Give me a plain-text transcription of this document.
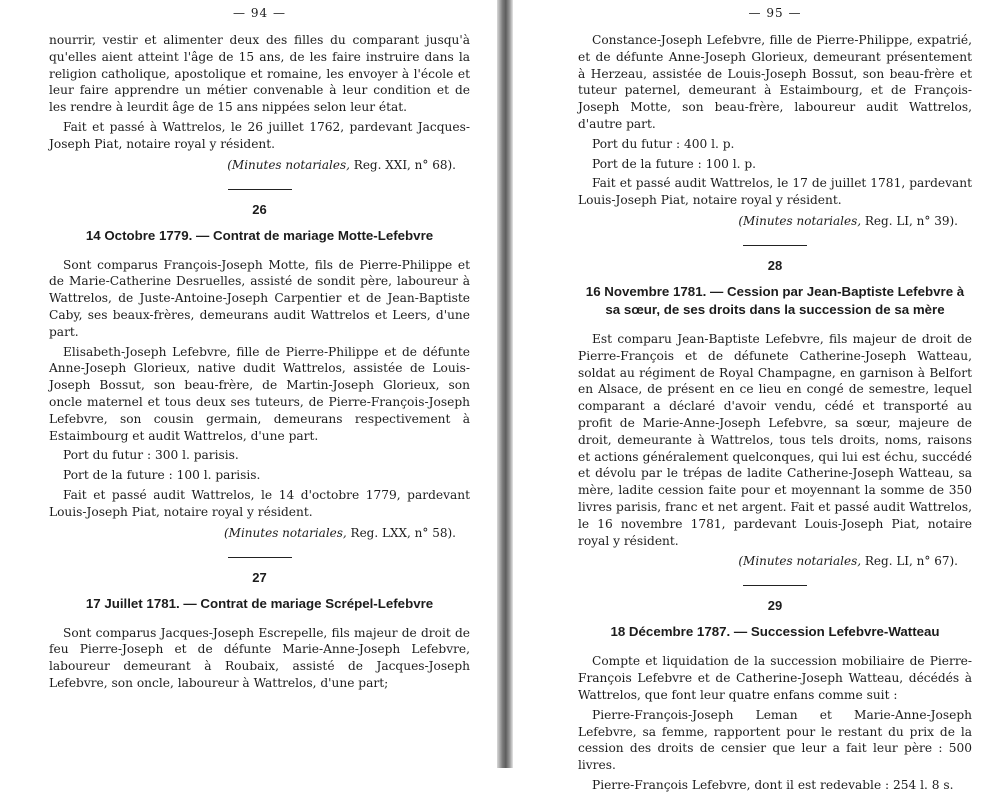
— 94 —

nourrir, vestir et alimenter deux des filles du comparant jusqu'à qu'elles aient atteint l'âge de 15 ans, de les faire instruire dans la religion catholique, apostolique et romaine, les envoyer à l'école et leur faire apprendre un métier convenable à leur condition et de les rendre à leurdit âge de 15 ans nippées selon leur état.

Fait et passé à Wattrelos, le 26 juillet 1762, pardevant Jacques-Joseph Piat, notaire royal y résident.

(Minutes notariales, Reg. XXI, n° 68).
26
14 Octobre 1779. — Contrat de mariage Motte-Lefebvre

Sont comparus François-Joseph Motte, fils de Pierre-Philippe et de Marie-Catherine Desruelles, assisté de sondit père, laboureur à Wattrelos, de Juste-Antoine-Joseph Carpentier et de Jean-Baptiste Caby, ses beaux-frères, demeurans audit Wattrelos et Leers, d'une part.

Elisabeth-Joseph Lefebvre, fille de Pierre-Philippe et de défunte Anne-Joseph Glorieux, native dudit Wattrelos, assistée de Louis-Joseph Bossut, son beau-frère, de Martin-Joseph Glorieux, son oncle maternel et tous deux ses tuteurs, de Pierre-François-Joseph Lefebvre, son cousin germain, demeurans respectivement à Estaimbourg et audit Wattrelos, d'une part.

Port du futur : 300 l. parisis.

Port de la future : 100 l. parisis.

Fait et passé audit Wattrelos, le 14 d'octobre 1779, pardevant Louis-Joseph Piat, notaire royal y résident.

(Minutes notariales, Reg. LXX, n° 58).
27
17 Juillet 1781. — Contrat de mariage Scrépel-Lefebvre

Sont comparus Jacques-Joseph Escrepelle, fils majeur de droit de feu Pierre-Joseph et de défunte Marie-Anne-Joseph Lefebvre, laboureur demeurant à Roubaix, assisté de Jacques-Joseph Lefebvre, son oncle, laboureur à Wattrelos, d'une part;

— 95 —

Constance-Joseph Lefebvre, fille de Pierre-Philippe, expatrié, et de défunte Anne-Joseph Glorieux, demeurant présentement à Herzeau, assistée de Louis-Joseph Bossut, son beau-frère et tuteur paternel, demeurant à Estaimbourg, et de François-Joseph Motte, son beau-frère, laboureur audit Wattrelos, d'autre part.

Port du futur : 400 l. p.

Port de la future : 100 l. p.

Fait et passé audit Wattrelos, le 17 de juillet 1781, pardevant Louis-Joseph Piat, notaire royal y résident.

(Minutes notariales, Reg. LI, n° 39).
28
16 Novembre 1781. — Cession par Jean-Baptiste Lefebvre à sa sœur, de ses droits dans la succession de sa mère

Est comparu Jean-Baptiste Lefebvre, fils majeur de droit de Pierre-François et de défunete Catherine-Joseph Watteau, soldat au régiment de Royal Champagne, en garnison à Belfort en Alsace, de présent en ce lieu en congé de semestre, lequel comparant a déclaré d'avoir vendu, cédé et transporté au profit de Marie-Anne-Joseph Lefebvre, sa sœur, majeure de droit, demeurante à Wattrelos, tous tels droits, noms, raisons et actions généralement quelconques, qui lui est échu, succédé et dévolu par le trépas de ladite Catherine-Joseph Watteau, sa mère, ladite cession faite pour et moyennant la somme de 350 livres parisis, franc et net argent. Fait et passé audit Wattrelos, le 16 novembre 1781, pardevant Louis-Joseph Piat, notaire royal y résident.

(Minutes notariales, Reg. LI, n° 67).
29
18 Décembre 1787. — Succession Lefebvre-Watteau

Compte et liquidation de la succession mobiliaire de Pierre-François Lefebvre et de Catherine-Joseph Watteau, décédés à Wattrelos, que font leur quatre enfans comme suit :

Pierre-François-Joseph Leman et Marie-Anne-Joseph Lefebvre, sa femme, rapportent pour le restant du prix de la cession des droits de censier que leur a fait leur père : 500 livres.

Pierre-François Lefebvre, dont il est redevable : 254 l. 8 s.
